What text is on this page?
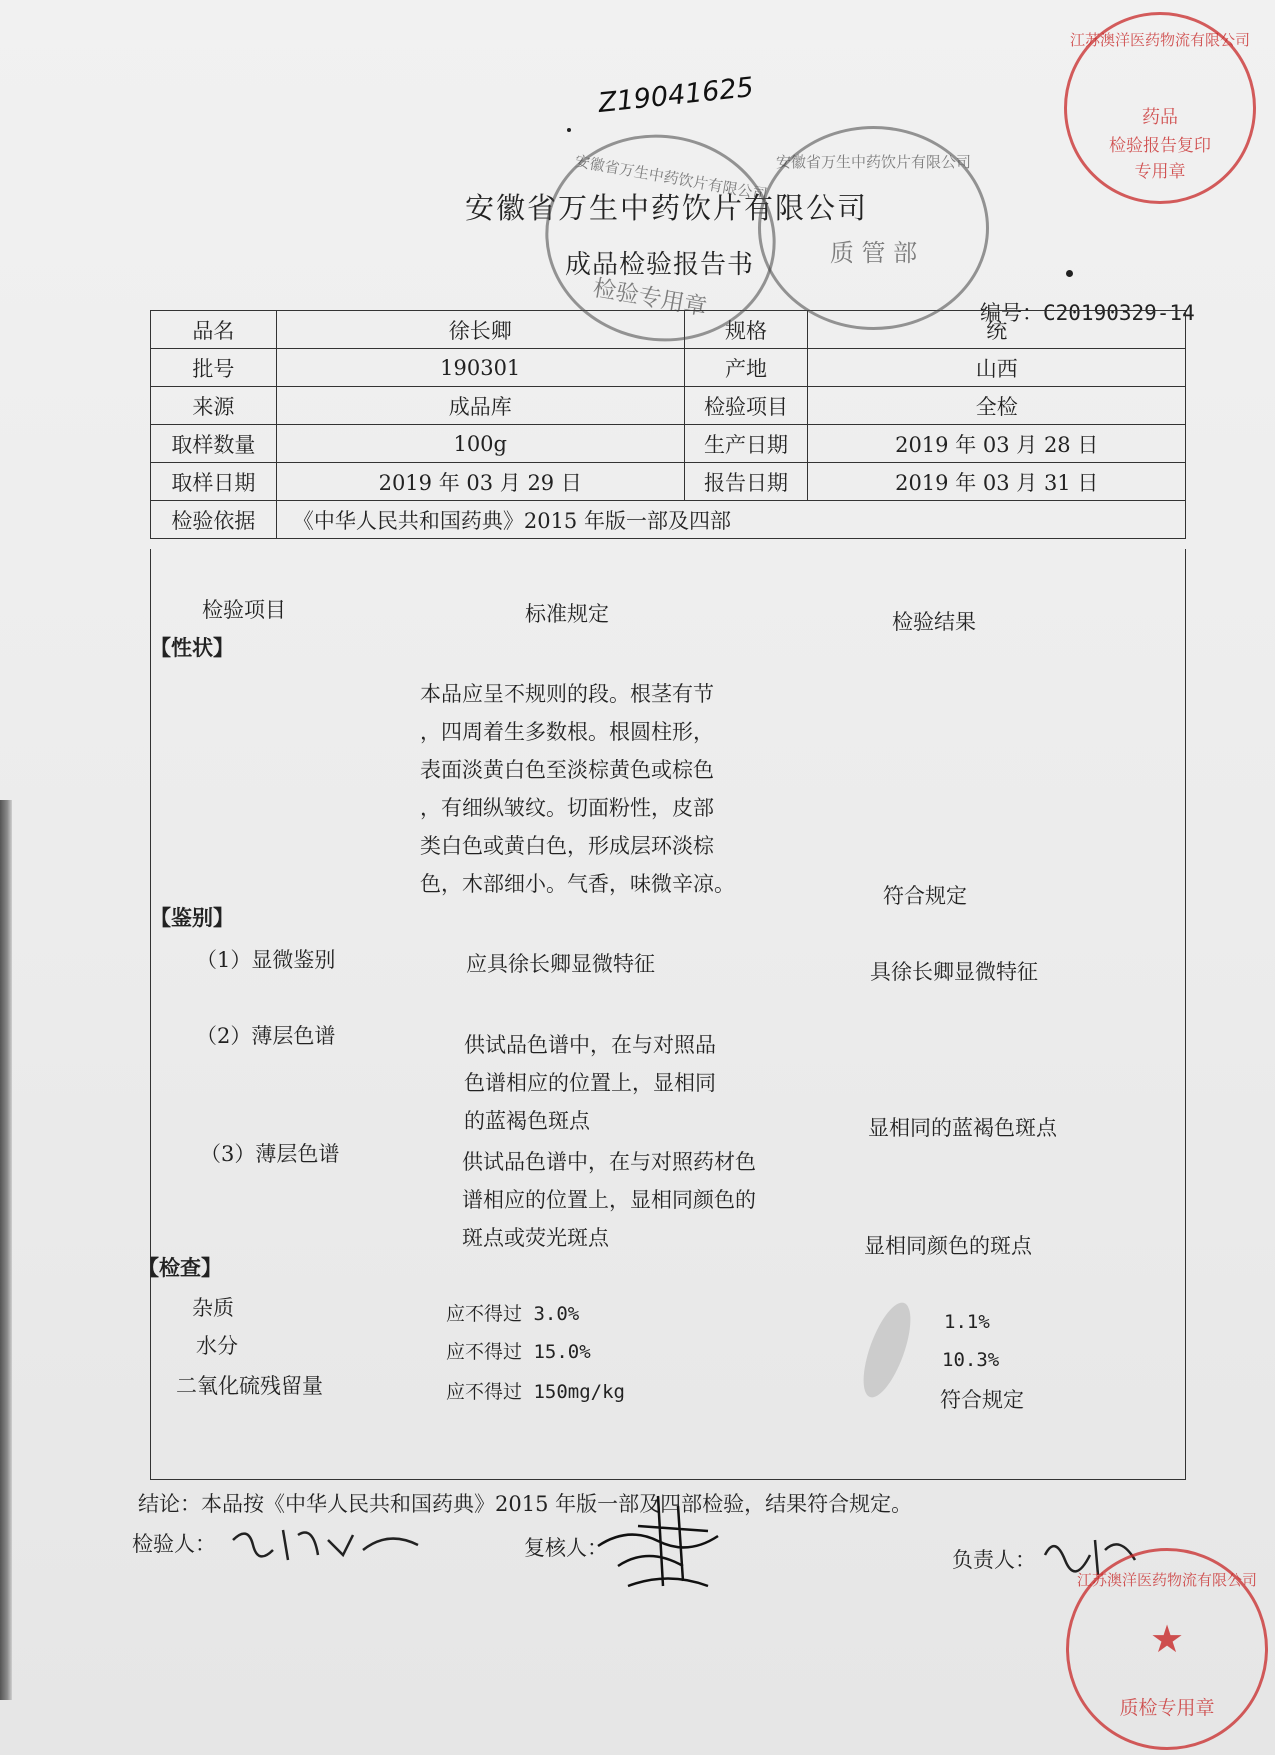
Z19041625
安徽省万生中药饮片有限公司
成品检验报告书
编号：C20190329-14
品名	徐长卿	规格	统
批号	190301	产地	山西
来源	成品库	检验项目	全检
取样数量	100g	生产日期	2019 年 03 月 28 日
取样日期	2019 年 03 月 29 日	报告日期	2019 年 03 月 31 日
检验依据	《中华人民共和国药典》2015 年版一部及四部		
检验项目	标准规定	检验结果
【性状】
本品应呈不规则的段。根茎有节
，四周着生多数根。根圆柱形，
表面淡黄白色至淡棕黄色或棕色
，有细纵皱纹。切面粉性，皮部
类白色或黄白色，形成层环淡棕
色，木部细小。气香，味微辛凉。	符合规定
【鉴别】
（1）显微鉴别	应具徐长卿显微特征	具徐长卿显微特征
（2）薄层色谱	供试品色谱中，在与对照品
色谱相应的位置上，显相同
的蓝褐色斑点	显相同的蓝褐色斑点
（3）薄层色谱	供试品色谱中，在与对照药材色
谱相应的位置上，显相同颜色的
斑点或荧光斑点	显相同颜色的斑点
【检查】
杂质	应不得过 3.0%	1.1%
水分	应不得过 15.0%	10.3%
二氧化硫残留量	应不得过 150mg/kg	符合规定
结论：本品按《中华人民共和国药典》2015 年版一部及四部检验，结果符合规定。
检验人：	复核人：	负责人：
江苏澳洋医药物流有限公司
药品
检验报告复印
专用章
安徽省万生中药饮片有限公司
检验专用章
安徽省万生中药饮片有限公司
质 管 部
江苏澳洋医药物流有限公司
★
质检专用章
